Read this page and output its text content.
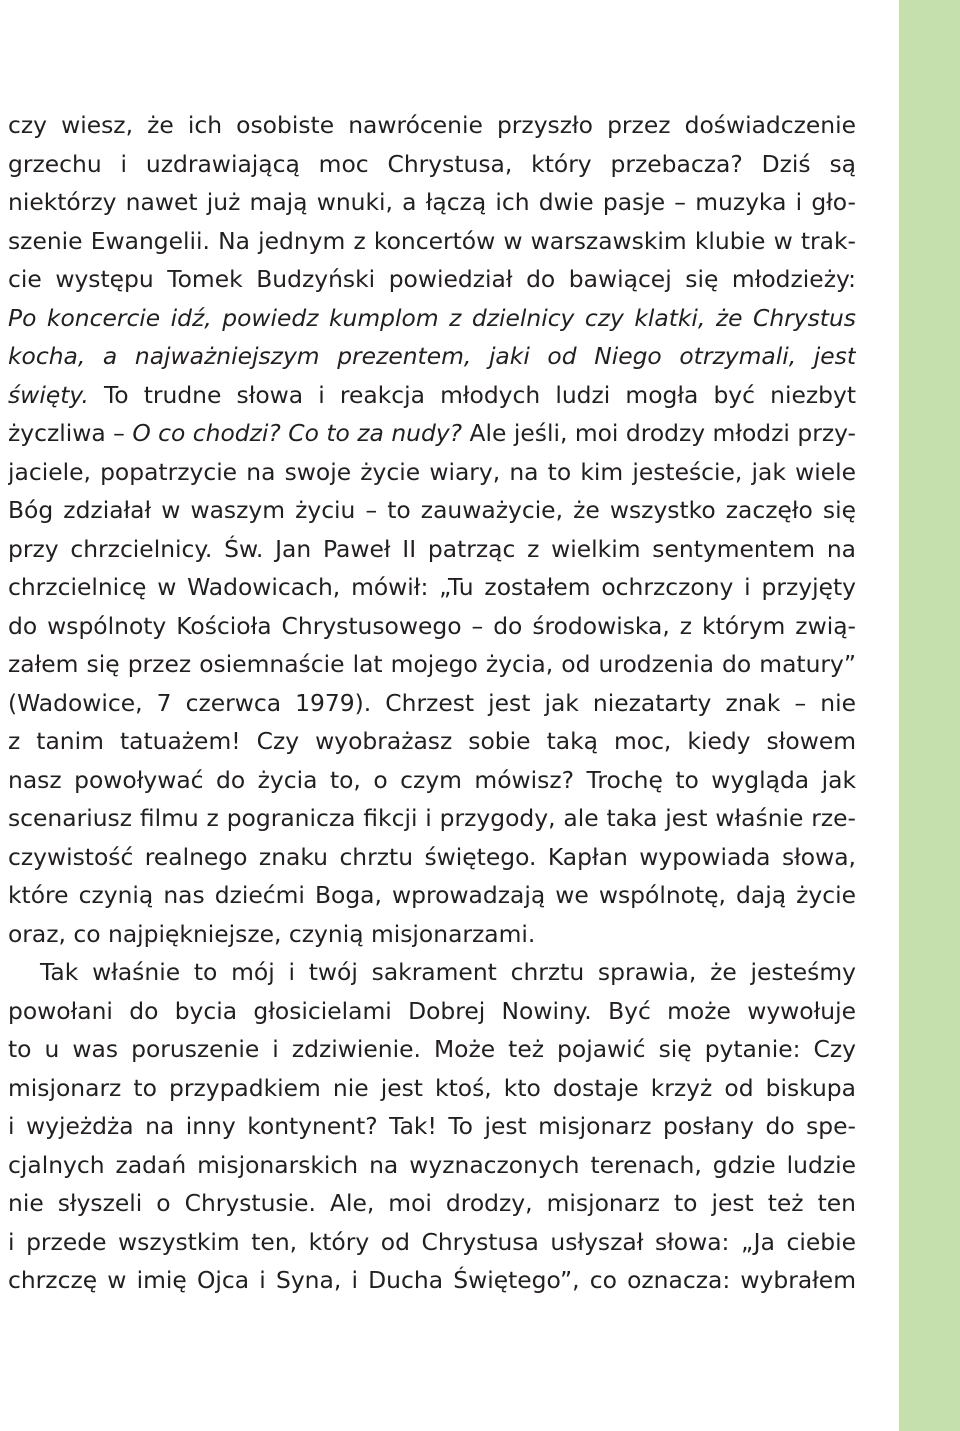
czy wiesz, że ich osobiste nawrócenie przyszło przez doświadczenie
grzechu i uzdrawiającą moc Chrystusa, który przebacza? Dziś są
niektórzy nawet już mają wnuki, a łączą ich dwie pasje – muzyka i gło-
szenie Ewangelii. Na jednym z koncertów w warszawskim klubie w trak-
cie występu Tomek Budzyński powiedział do bawiącej się młodzieży:
Po koncercie idź, powiedz kumplom z dzielnicy czy klatki, że Chrystus
kocha, a najważniejszym prezentem, jaki od Niego otrzymali, jest
święty. To trudne słowa i reakcja młodych ludzi mogła być niezbyt
życzliwa – O co chodzi? Co to za nudy? Ale jeśli, moi drodzy młodzi przy-
jaciele, popatrzycie na swoje życie wiary, na to kim jesteście, jak wiele
Bóg zdziałał w waszym życiu – to zauważycie, że wszystko zaczęło się
przy chrzcielnicy. Św. Jan Paweł II patrząc z wielkim sentymentem na
chrzcielnicę w Wadowicach, mówił: „Tu zostałem ochrzczony i przyjęty
do wspólnoty Kościoła Chrystusowego – do środowiska, z którym zwią-
załem się przez osiemnaście lat mojego życia, od urodzenia do matury”
(Wadowice, 7 czerwca 1979). Chrzest jest jak niezatarty znak – nie
z tanim tatuażem! Czy wyobrażasz sobie taką moc, kiedy słowem
nasz powoływać do życia to, o czym mówisz? Trochę to wygląda jak
scenariusz filmu z pogranicza fikcji i przygody, ale taka jest właśnie rze-
czywistość realnego znaku chrztu świętego. Kapłan wypowiada słowa,
które czynią nas dziećmi Boga, wprowadzają we wspólnotę, dają życie
oraz, co najpiękniejsze, czynią misjonarzami.
Tak właśnie to mój i twój sakrament chrztu sprawia, że jesteśmy
powołani do bycia głosicielami Dobrej Nowiny. Być może wywołuje
to u was poruszenie i zdziwienie. Może też pojawić się pytanie: Czy
misjonarz to przypadkiem nie jest ktoś, kto dostaje krzyż od biskupa
i wyjeżdża na inny kontynent? Tak! To jest misjonarz posłany do spe-
cjalnych zadań misjonarskich na wyznaczonych terenach, gdzie ludzie
nie słyszeli o Chrystusie. Ale, moi drodzy, misjonarz to jest też ten
i przede wszystkim ten, który od Chrystusa usłyszał słowa: „Ja ciebie
chrzczę w imię Ojca i Syna, i Ducha Świętego”, co oznacza: wybrałem
